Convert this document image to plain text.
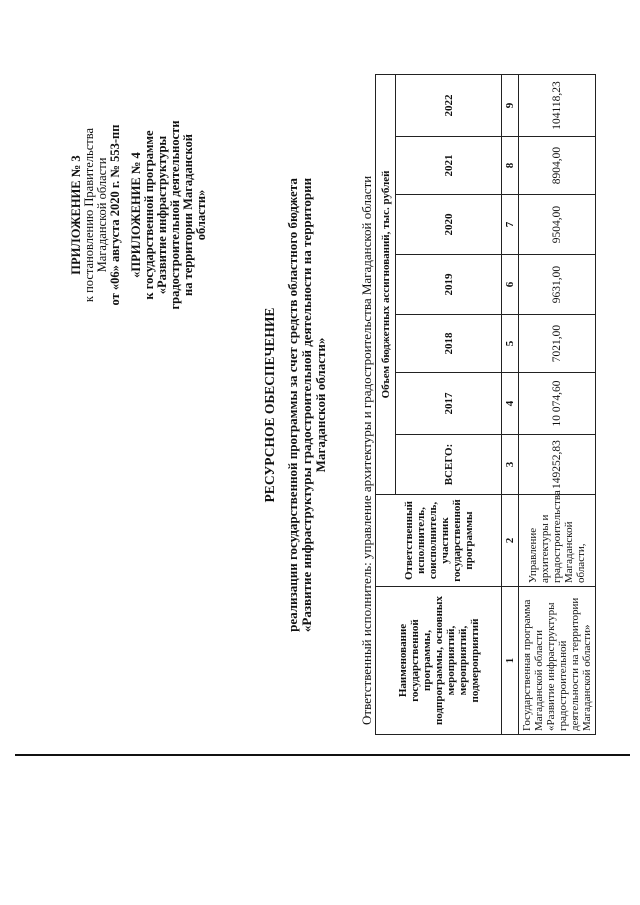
ПРИЛОЖЕНИЕ № 3 к постановлению Правительства Магаданской области от «06» августа 2020 г. № 553-пп «ПРИЛОЖЕНИЕ № 4 к государственной программе «Развитие инфраструктуры градостроительной деятельности на территории Магаданской области»
РЕСУРСНОЕ ОБЕСПЕЧЕНИЕ реализации государственной программы за счет средств областного бюджета «Развитие инфраструктуры градостроительной деятельности на территории Магаданской области» Ответственный исполнитель: управление архитектуры и градостроительства Магаданской области Наименование государственной программы, подпрограммы, основных мероприятий, мероприятий, подмероприятий	Ответственный исполнитель, соисполнитель, участник государственной программы	Объем бюджетных ассигнований, тыс. рублей						
		ВСЕГО:	2017	2018	2019	2020	2021	2022
1	2	3	4	5	6	7	8	9
Государственная программа Магаданской области «Развитие инфраструктуры градостроительной деятельности на территории Магаданской области»	Управление архитектуры и градостроительства Магаданской области,	149252,83	10 074,60	7021,00	9631,00	9504,00	8904,00	104118,23
